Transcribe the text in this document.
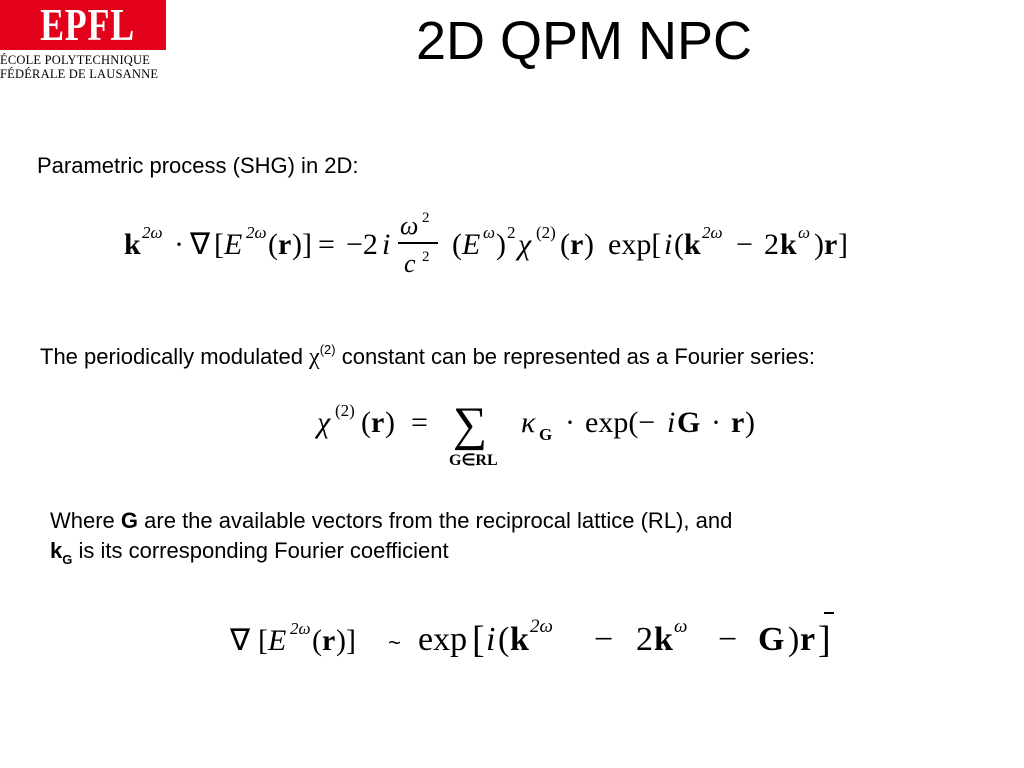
EPFL
ÉCOLE POLYTECHNIQUE
FÉDÉRALE DE LAUSANNE
2D QPM NPC
Parametric process (SHG) in 2D:
k 2ω · ∇ [ E 2ω ( r )] = −2 i
ω 2
c 2 ( E ω ) 2 χ (2) ( r ) exp[ i ( k 2ω − 2 k ω ) r ]
The periodically modulated $\chi^{(2)}$ constant can be represented as a Fourier series:
χ (2) ( r ) = ∑
G∈RL
κ G · exp(− i G · r )
Where G are the available vectors from the reciprocal lattice (RL), and
$k_G$ is its corresponding Fourier coefficient
∇ [ E 2ω ( r )] ~ exp [ i ( k 2ω − 2 k ω − G ) r ]
